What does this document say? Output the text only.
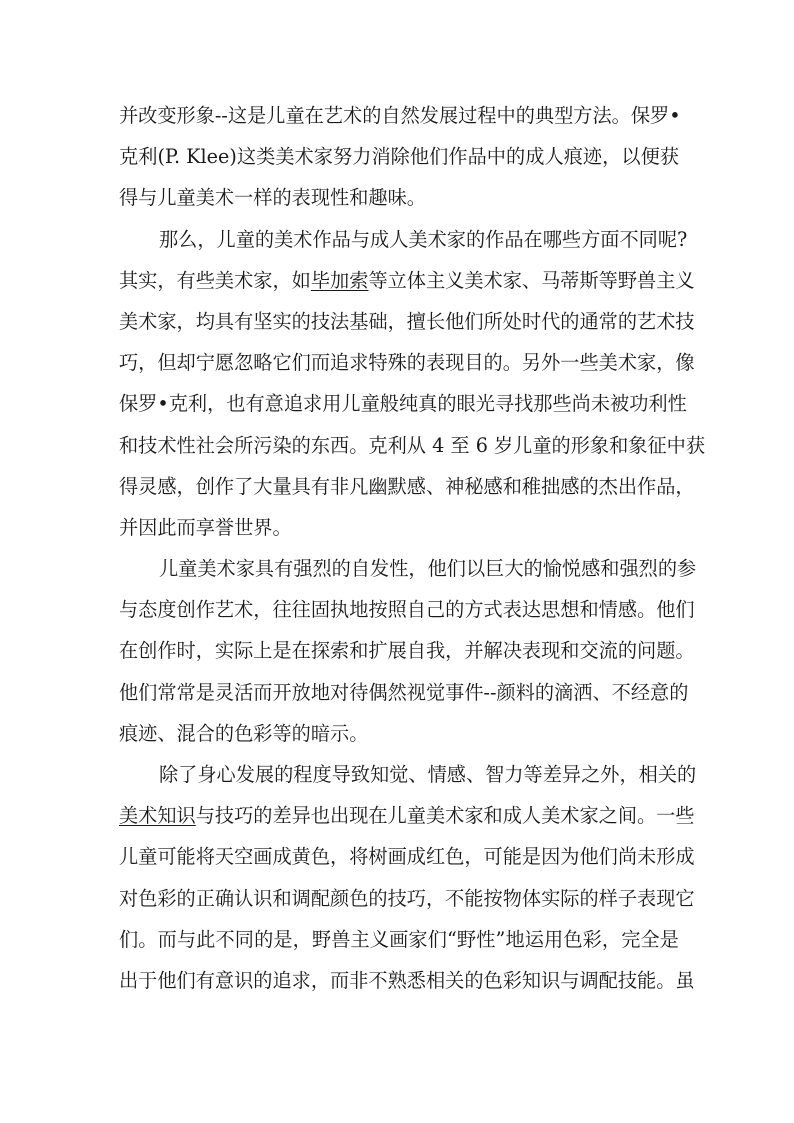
并改变形象--这是儿童在艺术的自然发展过程中的典型方法。保罗•
克利(P. Klee)这类美术家努力消除他们作品中的成人痕迹，以便获
得与儿童美术一样的表现性和趣味。
那么，儿童的美术作品与成人美术家的作品在哪些方面不同呢?
其实，有些美术家，如毕加索等立体主义美术家、马蒂斯等野兽主义
美术家，均具有坚实的技法基础，擅长他们所处时代的通常的艺术技
巧，但却宁愿忽略它们而追求特殊的表现目的。另外一些美术家，像
保罗•克利，也有意追求用儿童般纯真的眼光寻找那些尚未被功利性
和技术性社会所污染的东西。克利从 4 至 6 岁儿童的形象和象征中获
得灵感，创作了大量具有非凡幽默感、神秘感和稚拙感的杰出作品，
并因此而享誉世界。
儿童美术家具有强烈的自发性，他们以巨大的愉悦感和强烈的参
与态度创作艺术，往往固执地按照自己的方式表达思想和情感。他们
在创作时，实际上是在探索和扩展自我，并解决表现和交流的问题。
他们常常是灵活而开放地对待偶然视觉事件--颜料的滴洒、不经意的
痕迹、混合的色彩等的暗示。
除了身心发展的程度导致知觉、情感、智力等差异之外，相关的
美术知识与技巧的差异也出现在儿童美术家和成人美术家之间。一些
儿童可能将天空画成黄色，将树画成红色，可能是因为他们尚未形成
对色彩的正确认识和调配颜色的技巧，不能按物体实际的样子表现它
们。而与此不同的是，野兽主义画家们“野性”地运用色彩，完全是
出于他们有意识的追求，而非不熟悉相关的色彩知识与调配技能。虽
